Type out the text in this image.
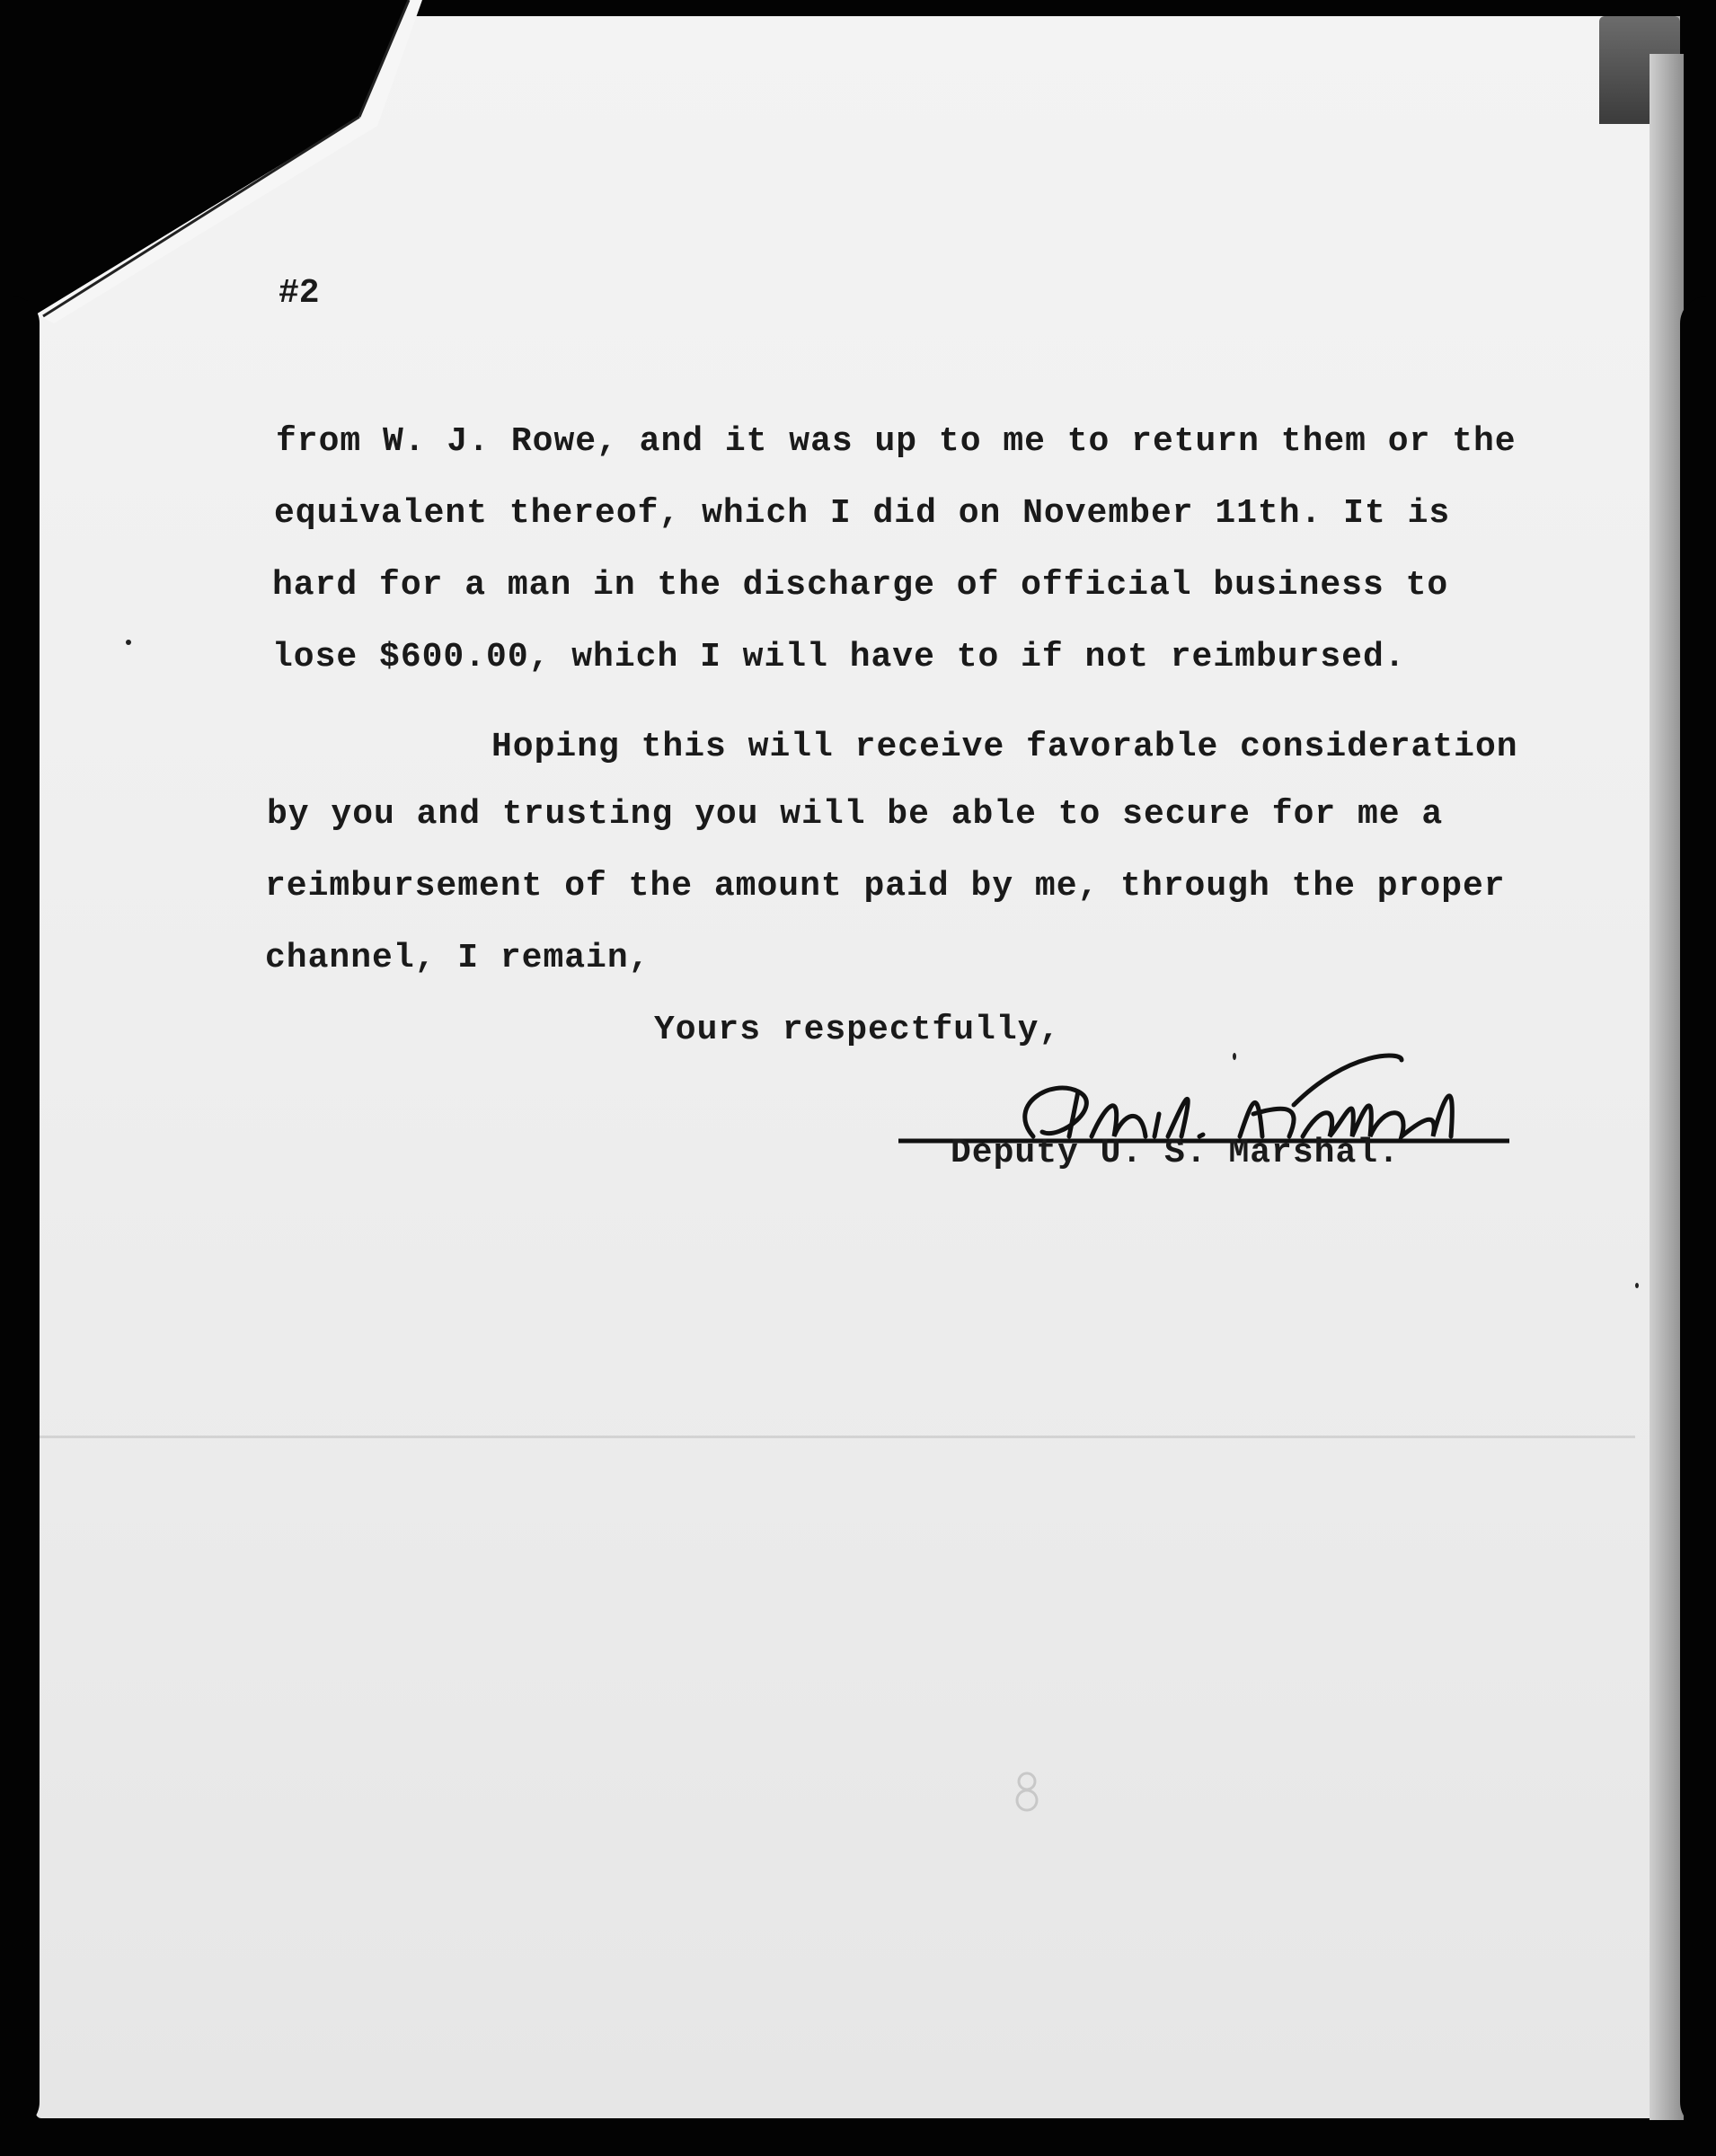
#2
from W. J. Rowe, and it was up to me to return them or the
equivalent thereof, which I did on November 11th. It is
hard for a man in the discharge of official business to
lose $600.00, which I will have to if not reimbursed.
Hoping this will receive favorable consideration
by you and trusting you will be able to secure for me a
reimbursement of the amount paid by me, through the proper
channel, I remain,
Yours respectfully,
Deputy U. S. Marshal.
